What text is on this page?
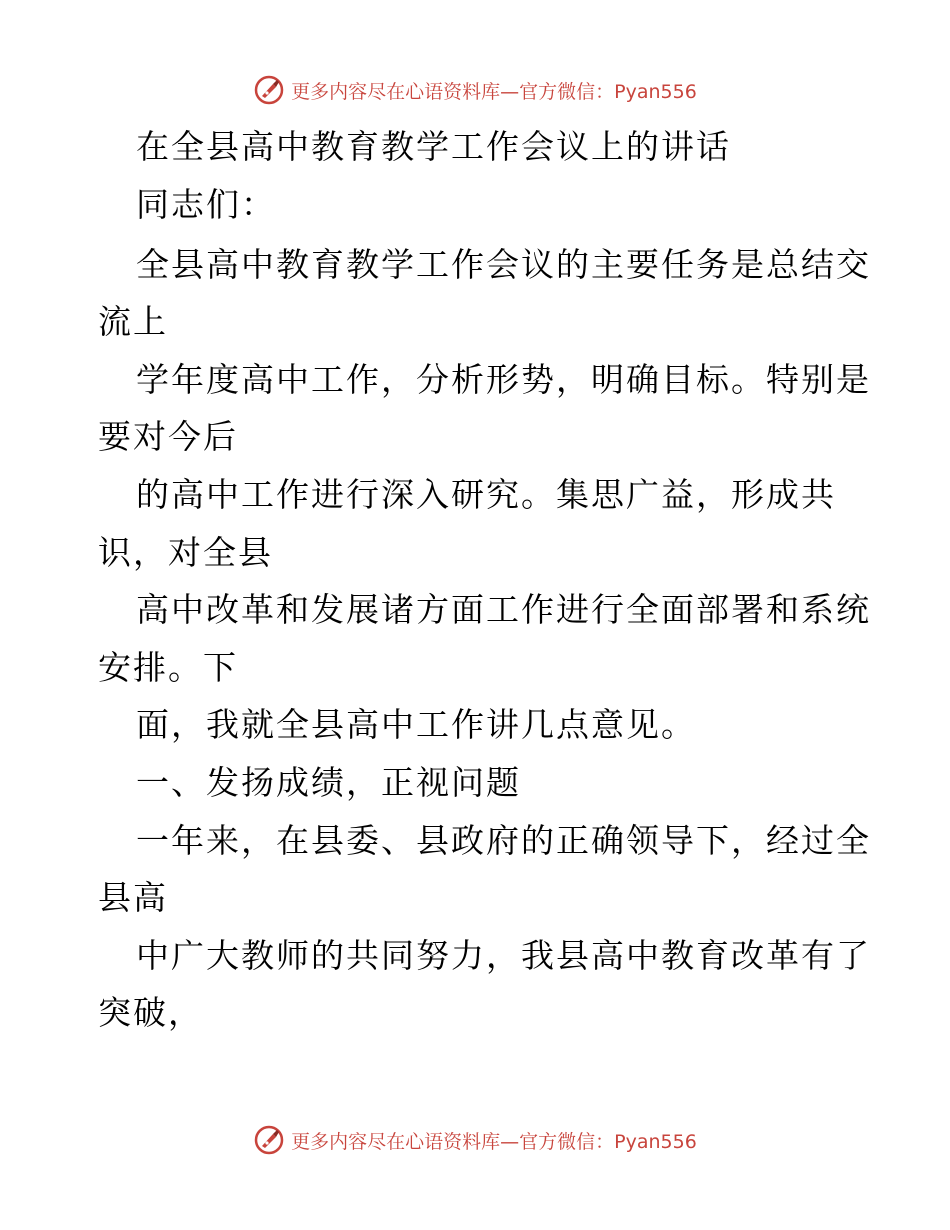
更多内容尽在心语资料库—官方微信：Pyan556
在全县高中教育教学工作会议上的讲话
同志们：
全县高中教育教学工作会议的主要任务是总结交
流上
学年度高中工作，分析形势，明确目标。特别是
要对今后
的高中工作进行深入研究。集思广益，形成共
识，对全县
高中改革和发展诸方面工作进行全面部署和系统
安排。下
面，我就全县高中工作讲几点意见。
一、发扬成绩，正视问题
一年来，在县委、县政府的正确领导下，经过全
县高
中广大教师的共同努力，我县高中教育改革有了
突破，
更多内容尽在心语资料库—官方微信：Pyan556
